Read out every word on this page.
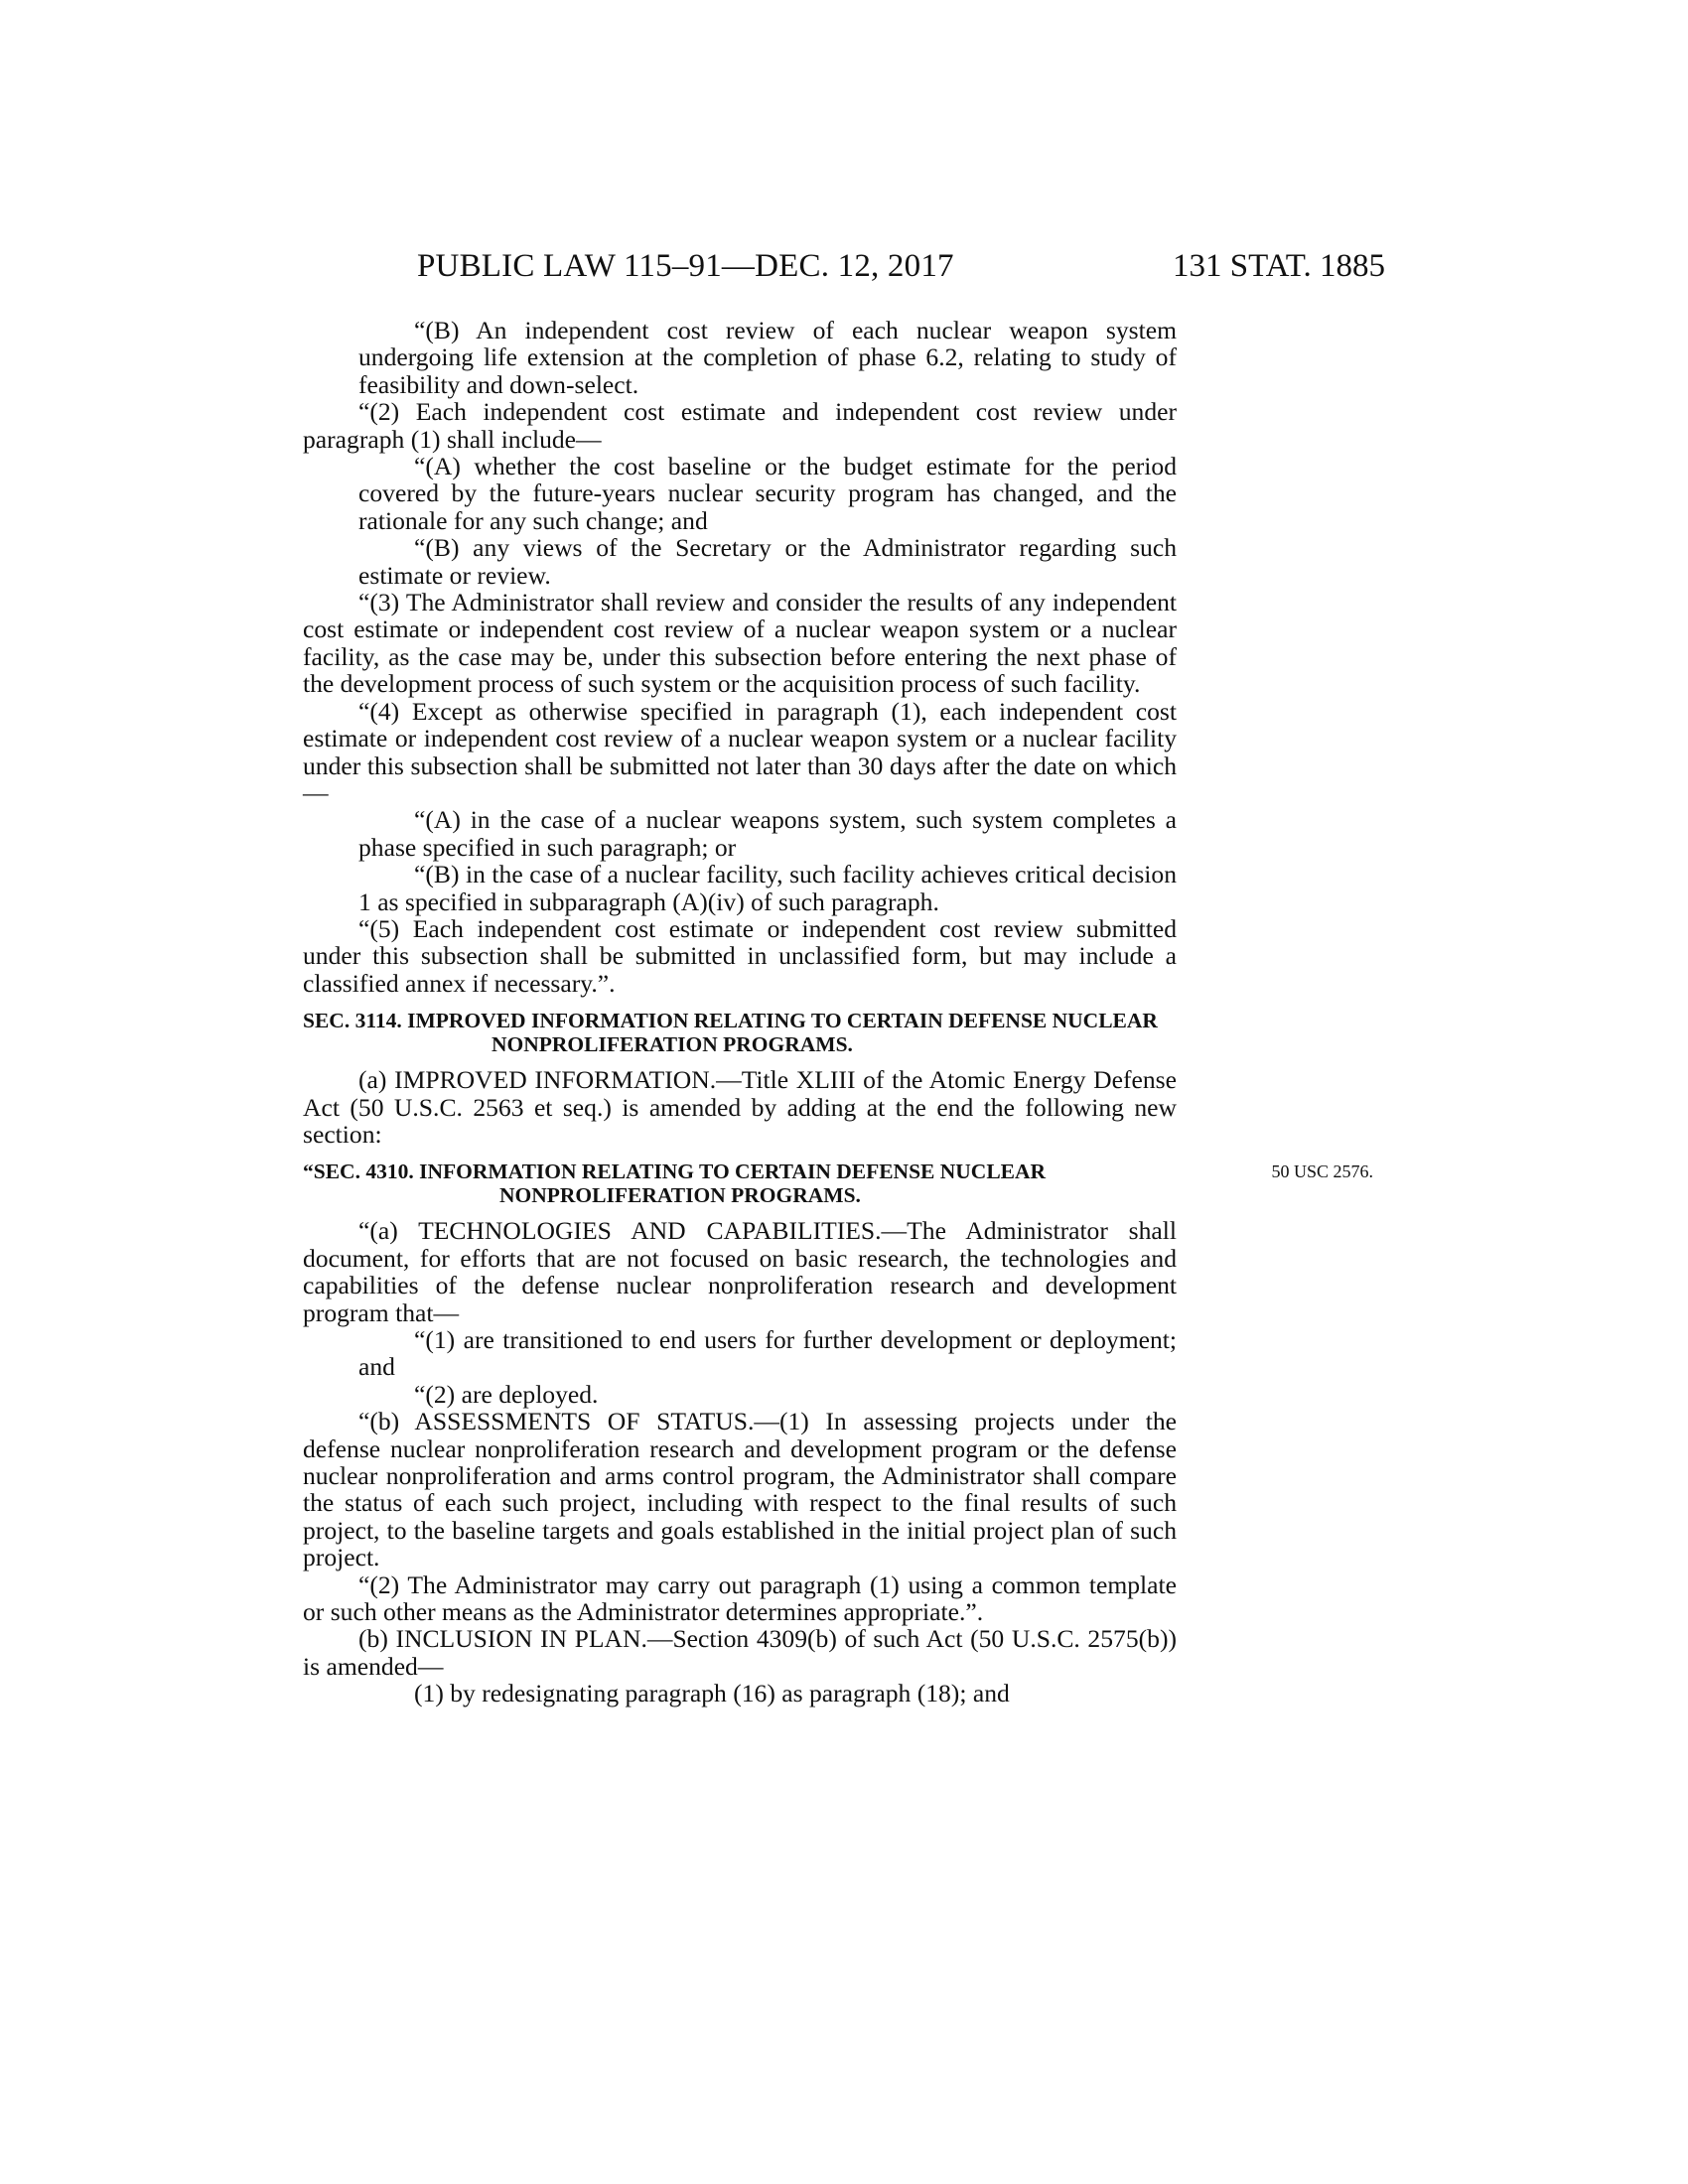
PUBLIC LAW 115–91—DEC. 12, 2017	131 STAT. 1885

“(B) An independent cost review of each nuclear weapon system undergoing life extension at the completion of phase 6.2, relating to study of feasibility and down-select.

“(2) Each independent cost estimate and independent cost review under paragraph (1) shall include—

“(A) whether the cost baseline or the budget estimate for the period covered by the future-years nuclear security program has changed, and the rationale for any such change; and

“(B) any views of the Secretary or the Administrator regarding such estimate or review.

“(3) The Administrator shall review and consider the results of any independent cost estimate or independent cost review of a nuclear weapon system or a nuclear facility, as the case may be, under this subsection before entering the next phase of the development process of such system or the acquisition process of such facility.

“(4) Except as otherwise specified in paragraph (1), each independent cost estimate or independent cost review of a nuclear weapon system or a nuclear facility under this subsection shall be submitted not later than 30 days after the date on which—

“(A) in the case of a nuclear weapons system, such system completes a phase specified in such paragraph; or

“(B) in the case of a nuclear facility, such facility achieves critical decision 1 as specified in subparagraph (A)(iv) of such paragraph.

“(5) Each independent cost estimate or independent cost review submitted under this subsection shall be submitted in unclassified form, but may include a classified annex if necessary.”.

SEC. 3114. IMPROVED INFORMATION RELATING TO CERTAIN DEFENSE NUCLEAR NONPROLIFERATION PROGRAMS.

(a) IMPROVED INFORMATION.—Title XLIII of the Atomic Energy Defense Act (50 U.S.C. 2563 et seq.) is amended by adding at the end the following new section:

“SEC. 4310. INFORMATION RELATING TO CERTAIN DEFENSE NUCLEAR NONPROLIFERATION PROGRAMS.
50 USC 2576.

“(a) TECHNOLOGIES AND CAPABILITIES.—The Administrator shall document, for efforts that are not focused on basic research, the technologies and capabilities of the defense nuclear nonproliferation research and development program that—

“(1) are transitioned to end users for further development or deployment; and

“(2) are deployed.

“(b) ASSESSMENTS OF STATUS.—(1) In assessing projects under the defense nuclear nonproliferation research and development program or the defense nuclear nonproliferation and arms control program, the Administrator shall compare the status of each such project, including with respect to the final results of such project, to the baseline targets and goals established in the initial project plan of such project.

“(2) The Administrator may carry out paragraph (1) using a common template or such other means as the Administrator determines appropriate.”.

(b) INCLUSION IN PLAN.—Section 4309(b) of such Act (50 U.S.C. 2575(b)) is amended—

(1) by redesignating paragraph (16) as paragraph (18); and
